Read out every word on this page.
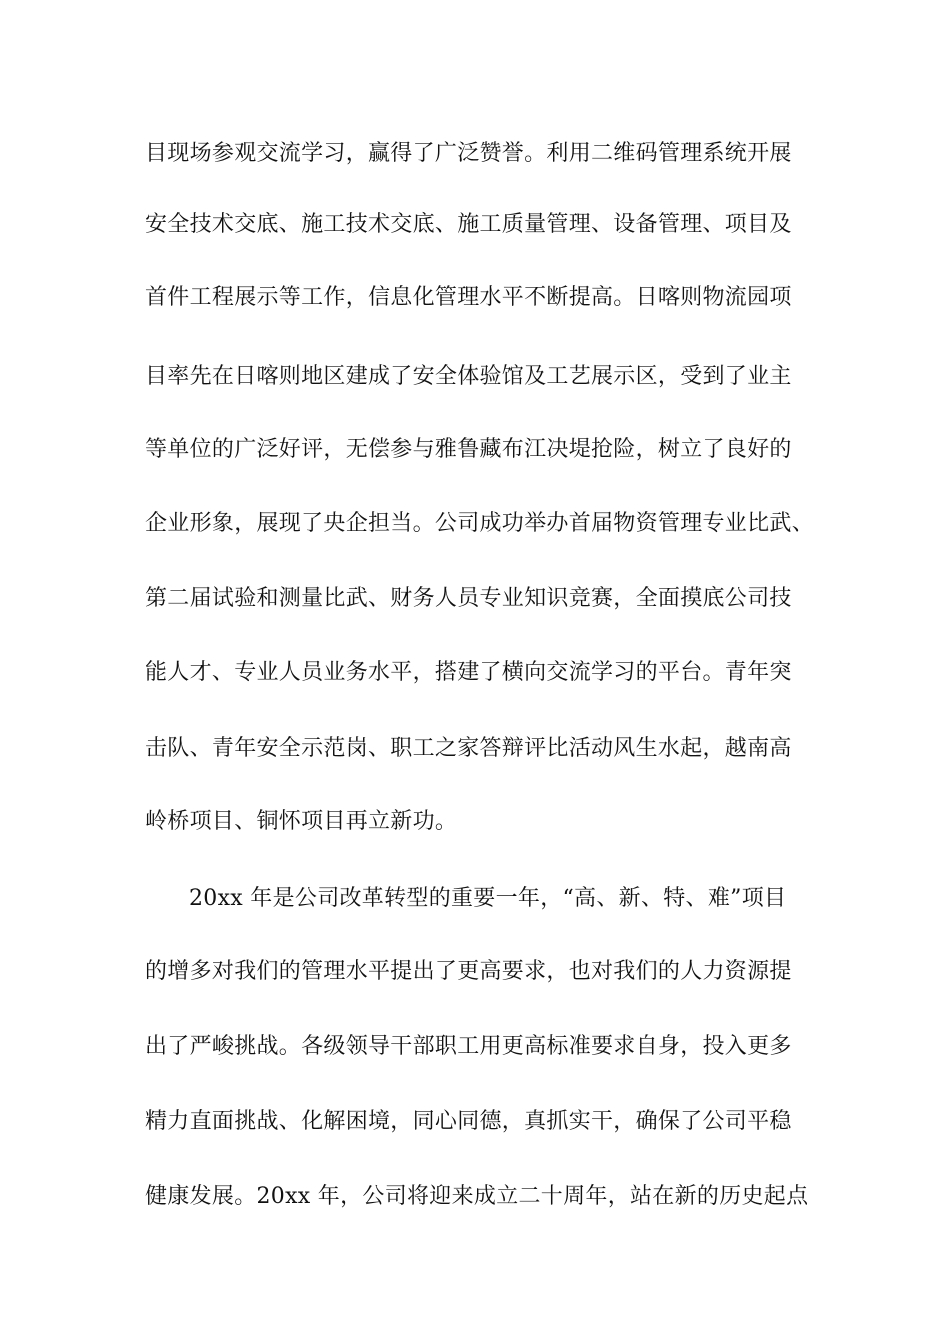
目现场参观交流学习，赢得了广泛赞誉。利用二维码管理系统开展
安全技术交底、施工技术交底、施工质量管理、设备管理、项目及
首件工程展示等工作，信息化管理水平不断提高。日喀则物流园项
目率先在日喀则地区建成了安全体验馆及工艺展示区，受到了业主
等单位的广泛好评，无偿参与雅鲁藏布江决堤抢险，树立了良好的
企业形象，展现了央企担当。公司成功举办首届物资管理专业比武、
第二届试验和测量比武、财务人员专业知识竞赛，全面摸底公司技
能人才、专业人员业务水平，搭建了横向交流学习的平台。青年突
击队、青年安全示范岗、职工之家答辩评比活动风生水起，越南高
岭桥项目、铜怀项目再立新功。
20xx 年是公司改革转型的重要一年，“高、新、特、难”项目
的增多对我们的管理水平提出了更高要求，也对我们的人力资源提
出了严峻挑战。各级领导干部职工用更高标准要求自身，投入更多
精力直面挑战、化解困境，同心同德，真抓实干，确保了公司平稳
健康发展。20xx 年，公司将迎来成立二十周年，站在新的历史起点
